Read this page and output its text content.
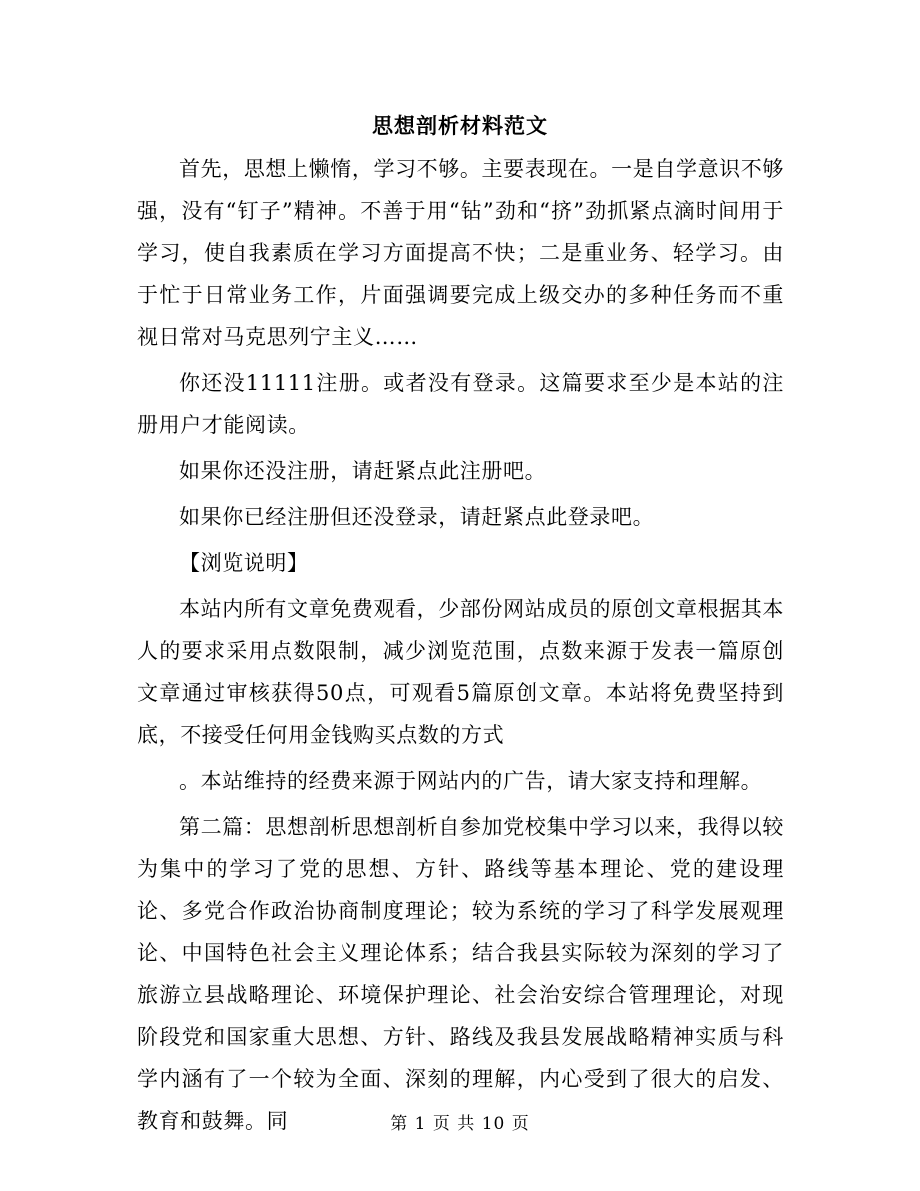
思想剖析材料范文

首先，思想上懒惰，学习不够。主要表现在。一是自学意识不够强，没有“钉子”精神。不善于用“钻”劲和“挤”劲抓紧点滴时间用于学习，使自我素质在学习方面提高不快；二是重业务、轻学习。由于忙于日常业务工作，片面强调要完成上级交办的多种任务而不重视日常对马克思列宁主义……

你还没11111注册。或者没有登录。这篇要求至少是本站的注册用户才能阅读。

如果你还没注册，请赶紧点此注册吧。

如果你已经注册但还没登录，请赶紧点此登录吧。

【浏览说明】

本站内所有文章免费观看，少部份网站成员的原创文章根据其本人的要求采用点数限制，减少浏览范围，点数来源于发表一篇原创文章通过审核获得50点，可观看5篇原创文章。本站将免费坚持到底，不接受任何用金钱购买点数的方式

。本站维持的经费来源于网站内的广告，请大家支持和理解。

第二篇：思想剖析思想剖析自参加党校集中学习以来，我得以较为集中的学习了党的思想、方针、路线等基本理论、党的建设理论、多党合作政治协商制度理论；较为系统的学习了科学发展观理论、中国特色社会主义理论体系；结合我县实际较为深刻的学习了旅游立县战略理论、环境保护理论、社会治安综合管理理论，对现阶段党和国家重大思想、方针、路线及我县发展战略精神实质与科学内涵有了一个较为全面、深刻的理解，内心受到了很大的启发、教育和鼓舞。同	第 1 页 共 10 页
